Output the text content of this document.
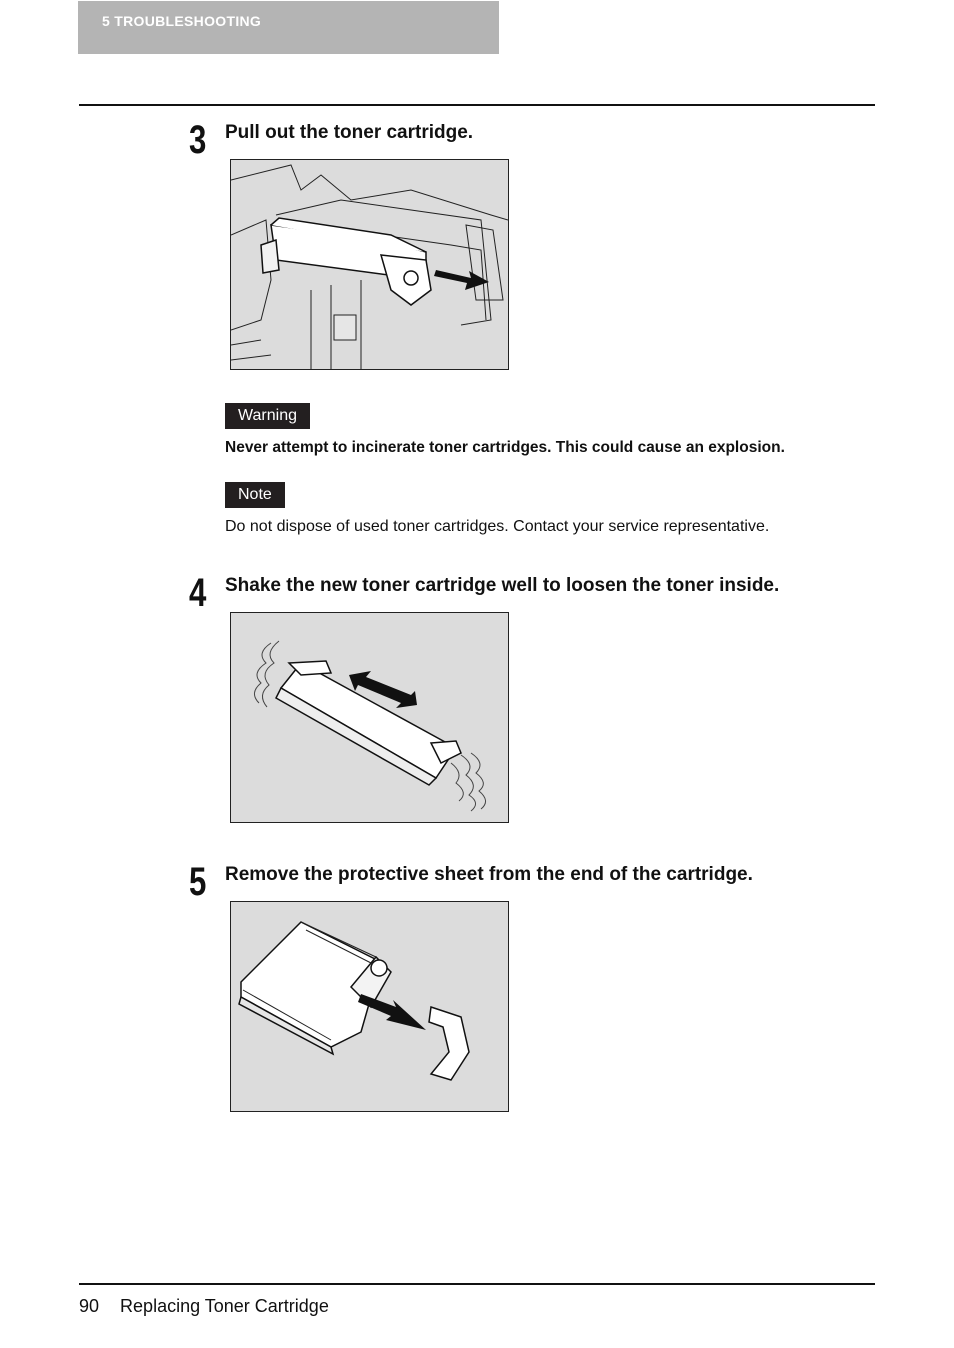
5 TROUBLESHOOTING
3 Pull out the toner cartridge.
Warning
Never attempt to incinerate toner cartridges. This could cause an explosion.
Note
Do not dispose of used toner cartridges. Contact your service representative.
4 Shake the new toner cartridge well to loosen the toner inside.
5 Remove the protective sheet from the end of the cartridge.
90 Replacing Toner Cartridge
